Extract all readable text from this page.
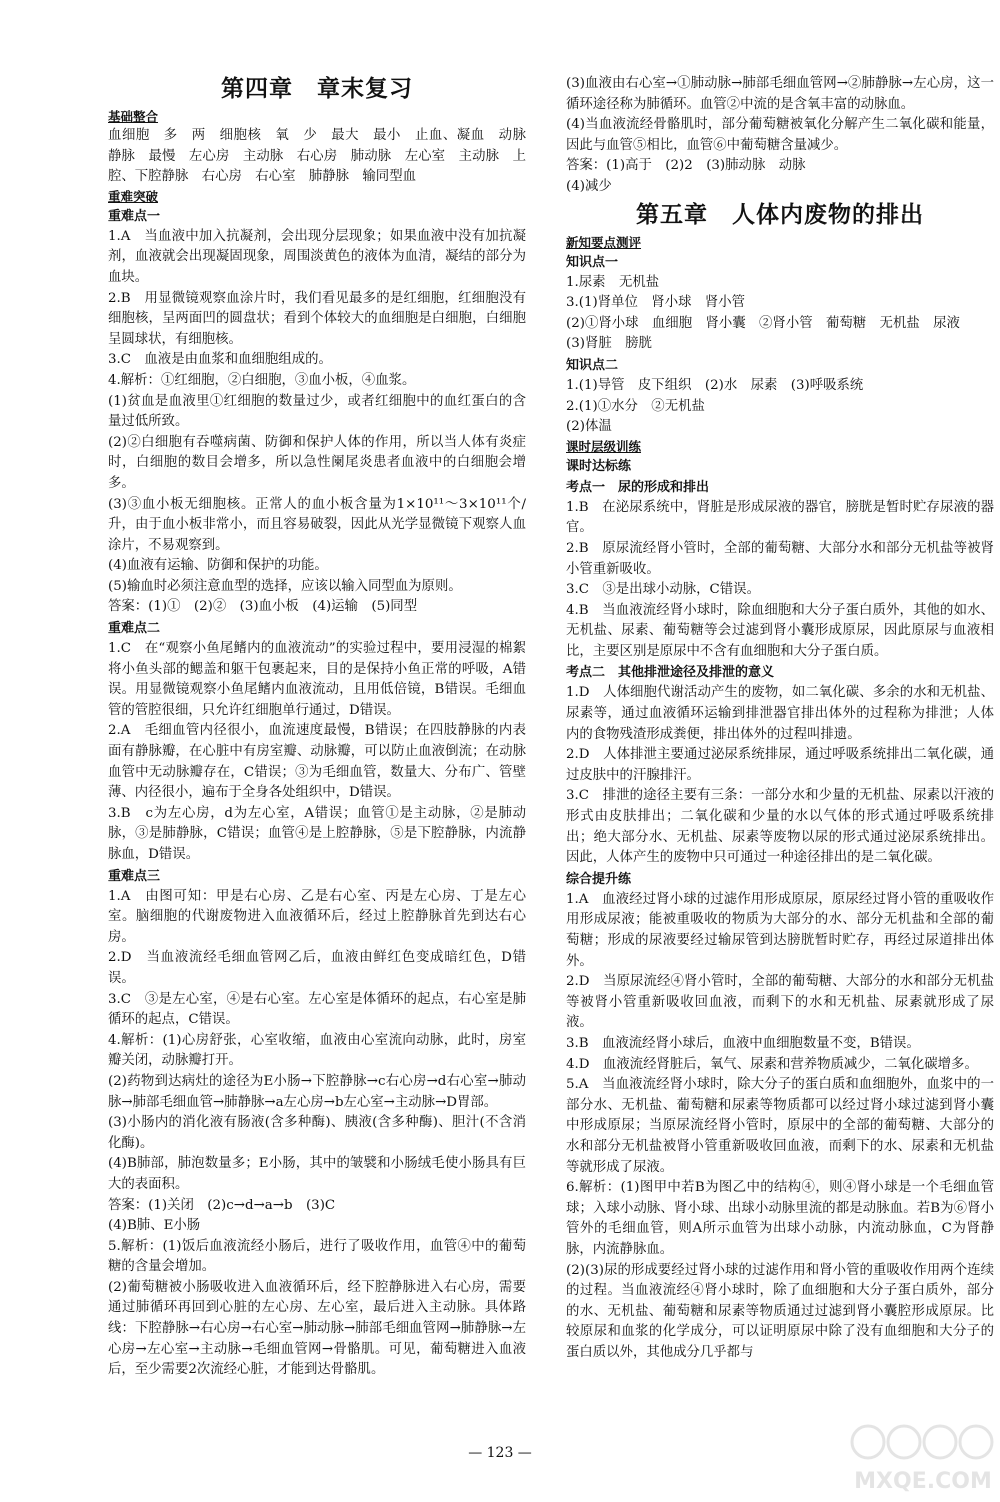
第四章　章末复习
基础整合
血细胞　多　两　细胞核　氧　少　最大　最小　止血、凝血　动脉　静脉　最慢　左心房　主动脉　右心房　肺动脉　左心室　主动脉　上腔、下腔静脉　右心房　右心室　肺静脉　输同型血
重难突破
重难点一
1.A　当血液中加入抗凝剂，会出现分层现象；如果血液中没有加抗凝剂，血液就会出现凝固现象，周围淡黄色的液体为血清，凝结的部分为血块。
2.B　用显微镜观察血涂片时，我们看见最多的是红细胞，红细胞没有细胞核，呈两面凹的圆盘状；看到个体较大的血细胞是白细胞，白细胞呈圆球状，有细胞核。
3.C　血液是由血浆和血细胞组成的。
4.解析：①红细胞，②白细胞，③血小板，④血浆。
(1)贫血是血液里①红细胞的数量过少，或者红细胞中的血红蛋白的含量过低所致。
(2)②白细胞有吞噬病菌、防御和保护人体的作用，所以当人体有炎症时，白细胞的数目会增多，所以急性阑尾炎患者血液中的白细胞会增多。
(3)③血小板无细胞核。正常人的血小板含量为1×10¹¹～3×10¹¹个/升，由于血小板非常小，而且容易破裂，因此从光学显微镜下观察人血涂片，不易观察到。
(4)血液有运输、防御和保护的功能。
(5)输血时必须注意血型的选择，应该以输入同型血为原则。
答案：(1)①　(2)②　(3)血小板　(4)运输　(5)同型
重难点二
1.C　在“观察小鱼尾鳍内的血液流动”的实验过程中，要用浸湿的棉絮将小鱼头部的鳃盖和躯干包裹起来，目的是保持小鱼正常的呼吸，A错误。用显微镜观察小鱼尾鳍内血液流动，且用低倍镜，B错误。毛细血管的管腔很细，只允许红细胞单行通过，D错误。
2.A　毛细血管内径很小，血流速度最慢，B错误；在四肢静脉的内表面有静脉瓣，在心脏中有房室瓣、动脉瓣，可以防止血液倒流；在动脉血管中无动脉瓣存在，C错误；③为毛细血管，数量大、分布广、管壁薄、内径很小，遍布于全身各处组织中，D错误。
3.B　c为左心房，d为左心室，A错误；血管①是主动脉，②是肺动脉，③是肺静脉，C错误；血管④是上腔静脉，⑤是下腔静脉，内流静脉血，D错误。
重难点三
1.A　由图可知：甲是右心房、乙是右心室、丙是左心房、丁是左心室。脑细胞的代谢废物进入血液循环后，经过上腔静脉首先到达右心房。
2.D　当血液流经毛细血管网乙后，血液由鲜红色变成暗红色，D错误。
3.C　③是左心室，④是右心室。左心室是体循环的起点，右心室是肺循环的起点，C错误。
4.解析：(1)心房舒张，心室收缩，血液由心室流向动脉，此时，房室瓣关闭，动脉瓣打开。
(2)药物到达病灶的途径为E小肠→下腔静脉→c右心房→d右心室→肺动脉→肺部毛细血管→肺静脉→a左心房→b左心室→主动脉→D胃部。
(3)小肠内的消化液有肠液(含多种酶)、胰液(含多种酶)、胆汁(不含消化酶)。
(4)B肺部，肺泡数量多；E小肠，其中的皱襞和小肠绒毛使小肠具有巨大的表面积。
答案：(1)关闭　(2)c→d→a→b　(3)C
(4)B肺、E小肠
5.解析：(1)饭后血液流经小肠后，进行了吸收作用，血管④中的葡萄糖的含量会增加。
(2)葡萄糖被小肠吸收进入血液循环后，经下腔静脉进入右心房，需要通过肺循环再回到心脏的左心房、左心室，最后进入主动脉。具体路线：下腔静脉→右心房→右心室→肺动脉→肺部毛细血管网→肺静脉→左心房→左心室→主动脉→毛细血管网→骨骼肌。可见，葡萄糖进入血液后，至少需要2次流经心脏，才能到达骨骼肌。
(3)血液由右心室→①肺动脉→肺部毛细血管网→②肺静脉→左心房，这一循环途径称为肺循环。血管②中流的是含氧丰富的动脉血。
(4)当血液流经骨骼肌时，部分葡萄糖被氧化分解产生二氧化碳和能量，因此与血管⑤相比，血管⑥中葡萄糖含量减少。
答案：(1)高于　(2)2　(3)肺动脉　动脉
(4)减少
第五章　人体内废物的排出
新知要点测评
知识点一
1.尿素　无机盐
3.(1)肾单位　肾小球　肾小管
(2)①肾小球　血细胞　肾小囊　②肾小管　葡萄糖　无机盐　尿液
(3)肾脏　膀胱
知识点二
1.(1)导管　皮下组织　(2)水　尿素　(3)呼吸系统
2.(1)①水分　②无机盐
(2)体温
课时层级训练
课时达标练
考点一　尿的形成和排出
1.B　在泌尿系统中，肾脏是形成尿液的器官，膀胱是暂时贮存尿液的器官。
2.B　原尿流经肾小管时，全部的葡萄糖、大部分水和部分无机盐等被肾小管重新吸收。
3.C　③是出球小动脉，C错误。
4.B　当血液流经肾小球时，除血细胞和大分子蛋白质外，其他的如水、无机盐、尿素、葡萄糖等会过滤到肾小囊形成原尿，因此原尿与血液相比，主要区别是原尿中不含有血细胞和大分子蛋白质。
考点二　其他排泄途径及排泄的意义
1.D　人体细胞代谢活动产生的废物，如二氧化碳、多余的水和无机盐、尿素等，通过血液循环运输到排泄器官排出体外的过程称为排泄；人体内的食物残渣形成粪便，排出体外的过程叫排遗。
2.D　人体排泄主要通过泌尿系统排尿，通过呼吸系统排出二氧化碳，通过皮肤中的汗腺排汗。
3.C　排泄的途径主要有三条：一部分水和少量的无机盐、尿素以汗液的形式由皮肤排出；二氧化碳和少量的水以气体的形式通过呼吸系统排出；绝大部分水、无机盐、尿素等废物以尿的形式通过泌尿系统排出。因此，人体产生的废物中只可通过一种途径排出的是二氧化碳。
综合提升练
1.A　血液经过肾小球的过滤作用形成原尿，原尿经过肾小管的重吸收作用形成尿液；能被重吸收的物质为大部分的水、部分无机盐和全部的葡萄糖；形成的尿液要经过输尿管到达膀胱暂时贮存，再经过尿道排出体外。
2.D　当原尿流经④肾小管时，全部的葡萄糖、大部分的水和部分无机盐等被肾小管重新吸收回血液，而剩下的水和无机盐、尿素就形成了尿液。
3.B　血液流经肾小球后，血液中血细胞数量不变，B错误。
4.D　血液流经肾脏后，氧气、尿素和营养物质减少，二氧化碳增多。
5.A　当血液流经肾小球时，除大分子的蛋白质和血细胞外，血浆中的一部分水、无机盐、葡萄糖和尿素等物质都可以经过肾小球过滤到肾小囊中形成原尿；当原尿流经肾小管时，原尿中的全部的葡萄糖、大部分的水和部分无机盐被肾小管重新吸收回血液，而剩下的水、尿素和无机盐等就形成了尿液。
6.解析：(1)图甲中若B为图乙中的结构④，则④肾小球是一个毛细血管球；入球小动脉、肾小球、出球小动脉里流的都是动脉血。若B为⑥肾小管外的毛细血管，则A所示血管为出球小动脉，内流动脉血，C为肾静脉，内流静脉血。
(2)(3)尿的形成要经过肾小球的过滤作用和肾小管的重吸收作用两个连续的过程。当血液流经④肾小球时，除了血细胞和大分子蛋白质外，部分的水、无机盐、葡萄糖和尿素等物质通过过滤到肾小囊腔形成原尿。比较原尿和血浆的化学成分，可以证明原尿中除了没有血细胞和大分子的蛋白质以外，其他成分几乎都与
— 123 —
MXQE.COM
